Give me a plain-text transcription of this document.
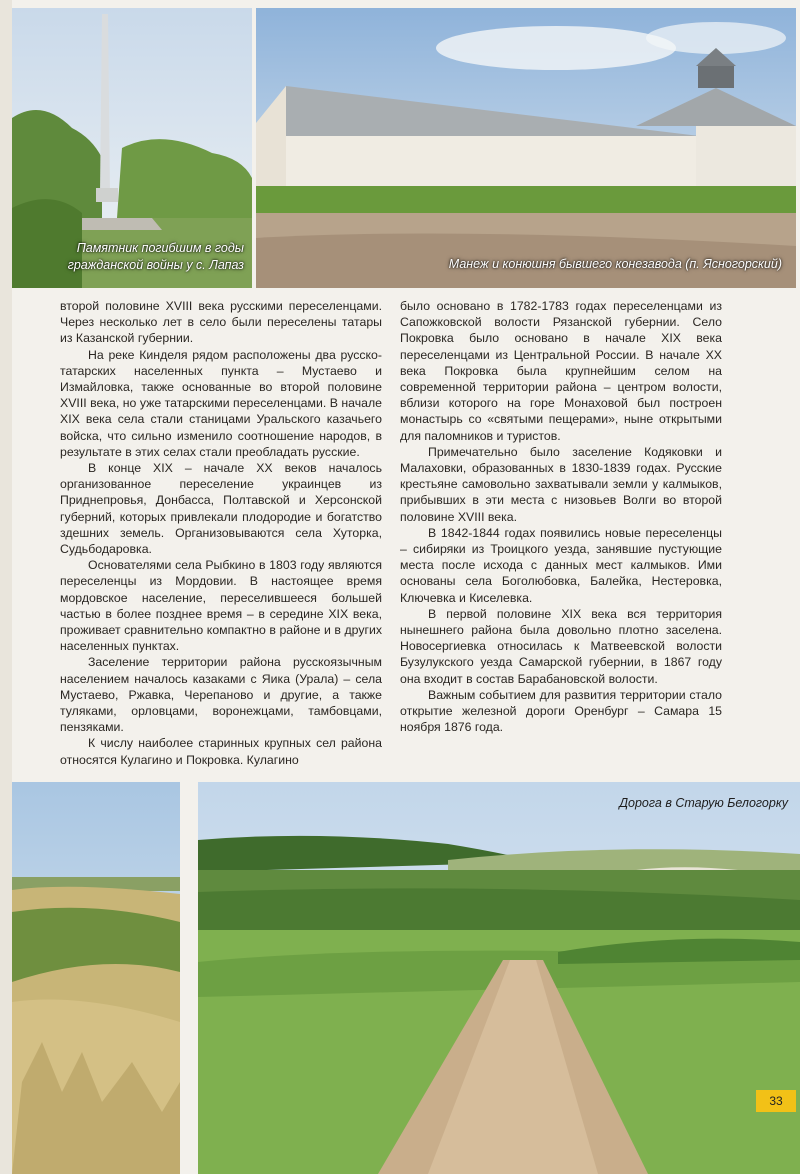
Памятник погибшим в годы
гражданской войны у с. Лапаз	Манеж и конюшня бывшего конезавода (п. Ясногорский)

второй половине XVIII века русскими переселенцами. Через несколько лет в село были переселены татары из Казанской губернии.

На реке Кинделя рядом расположены два русско-татарских населенных пункта – Мустаево и Измайловка, также основанные во второй половине XVIII века, но уже татарскими переселенцами. В начале XIX века села стали станицами Уральского казачьего войска, что сильно изменило соотношение народов, в результате в этих селах стали преобладать русские.

В конце XIX – начале XX веков началось организованное переселение украинцев из Приднепровья, Донбасса, Полтавской и Херсонской губерний, которых привлекали плодородие и богатство здешних земель. Организовываются села Хуторка, Судьбодаровка.

Основателями села Рыбкино в 1803 году являются переселенцы из Мордовии. В настоящее время мордовское население, переселившееся большей частью в более позднее время – в середине XIX века, проживает сравнительно компактно в районе и в других населенных пунктах.

Заселение территории района русскоязычным населением началось казаками с Яика (Урала) – села Мустаево, Ржавка, Черепаново и другие, а также туляками, орловцами, воронежцами, тамбовцами, пензяками.

К числу наиболее старинных крупных сел района относятся Кулагино и Покровка. Кулагино

было основано в 1782-1783 годах переселенцами из Сапожковской волости Рязанской губернии. Село Покровка было основано в начале XIX века переселенцами из Центральной России. В начале XX века Покровка была крупнейшим селом на современной территории района – центром волости, вблизи которого на горе Монаховой был построен монастырь со «святыми пещерами», ныне открытыми для паломников и туристов.

Примечательно было заселение Кодяковки и Малаховки, образованных в 1830-1839 годах. Русские крестьяне самовольно захватывали земли у калмыков, прибывших в эти места с низовьев Волги во второй половине XVIII века.

В 1842-1844 годах появились новые переселенцы – сибиряки из Троицкого уезда, занявшие пустующие места после исхода с данных мест калмыков. Ими основаны села Боголюбовка, Балейка, Нестеровка, Ключевка и Киселевка.

В первой половине XIX века вся территория нынешнего района была довольно плотно заселена. Новосергиевка относилась к Матвеевской волости Бузулукского уезда Самарской губернии, в 1867 году она входит в состав Барабановской волости.

Важным событием для развития территории стало открытие железной дороги Оренбург – Самара 15 ноября 1876 года.

Дорога в Старую Белогорку
33
